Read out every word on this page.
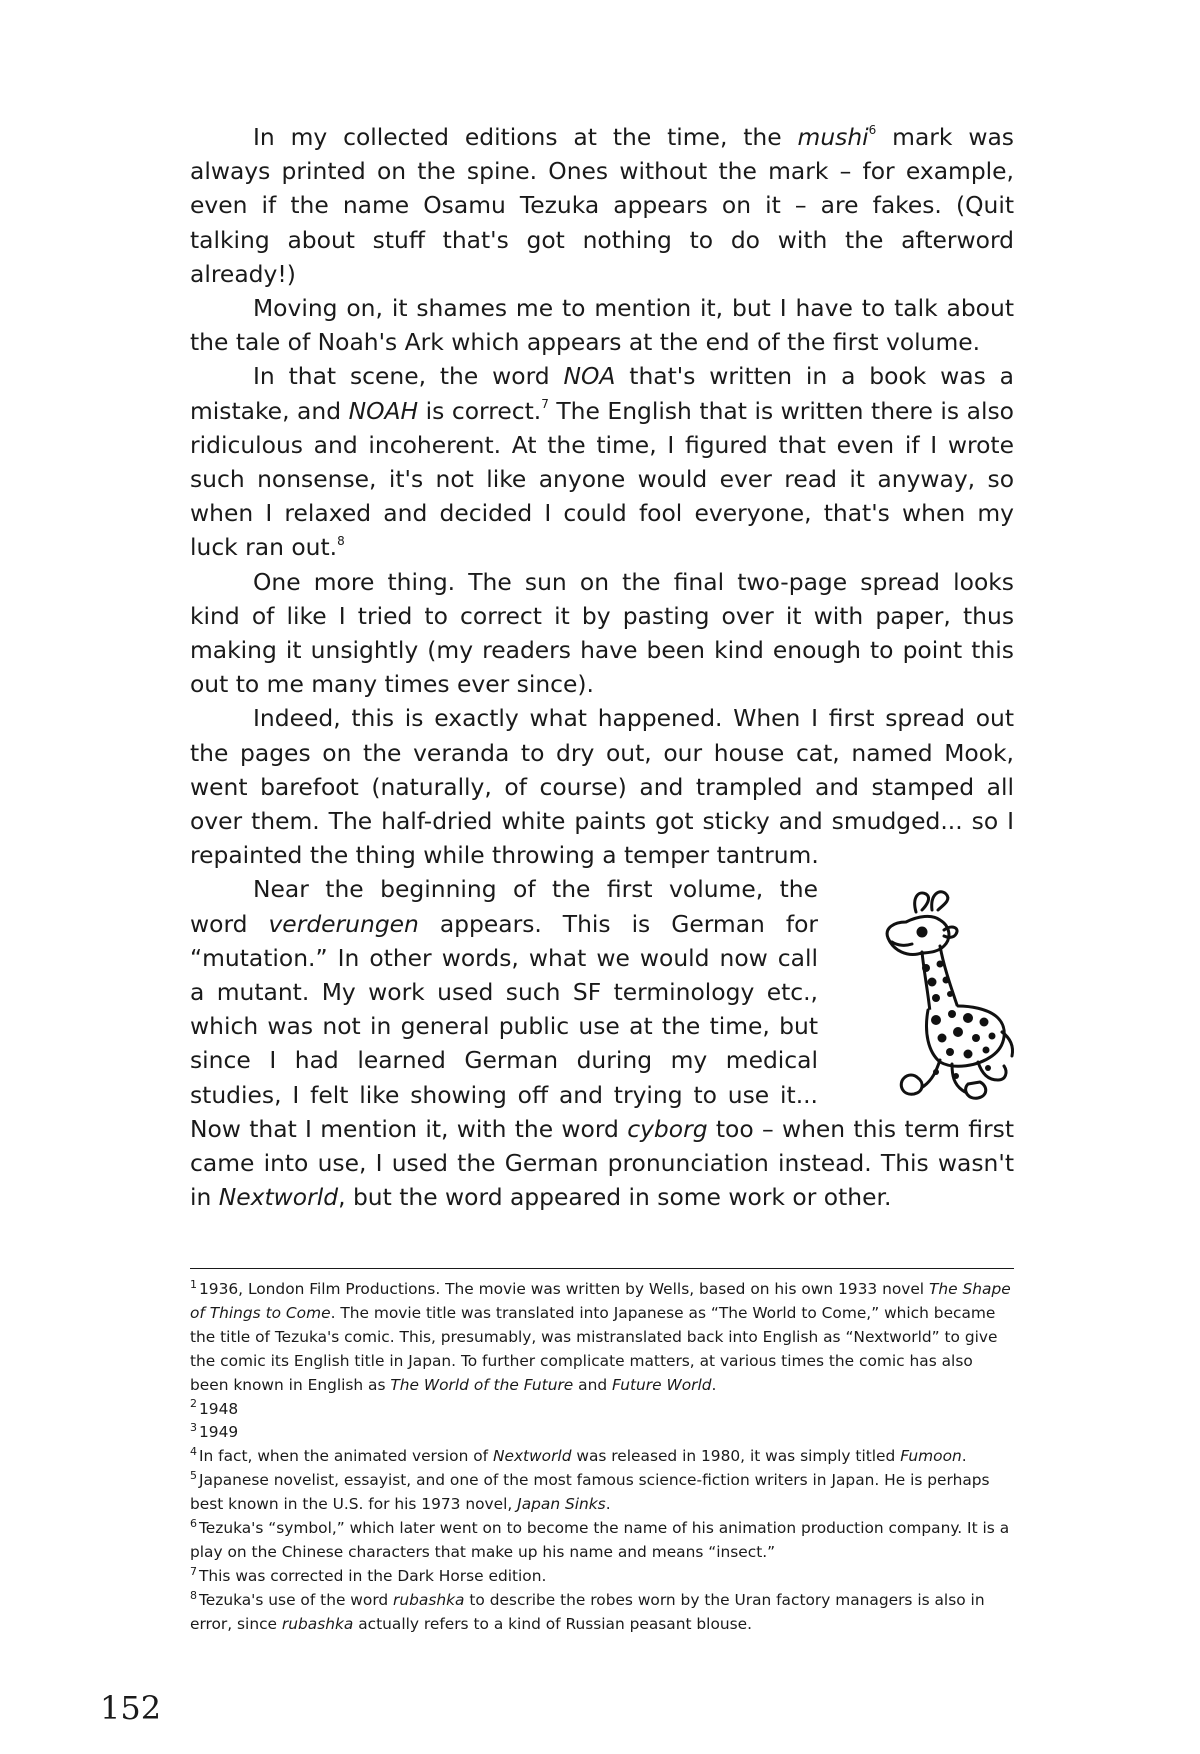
In my collected editions at the time, the mushi$^6$ mark was always printed on the spine. Ones without the mark – for example, even if the name Osamu Tezuka appears on it – are fakes. (Quit talking about stuff that's got nothing to do with the afterword already!)

Moving on, it shames me to mention it, but I have to talk about the tale of Noah's Ark which appears at the end of the first volume.

In that scene, the word NOA that's written in a book was a mistake, and NOAH is correct.$^7$ The English that is written there is also ridiculous and incoherent. At the time, I figured that even if I wrote such nonsense, it's not like anyone would ever read it anyway, so when I relaxed and decided I could fool everyone, that's when my luck ran out.$^8$

One more thing. The sun on the final two-page spread looks kind of like I tried to correct it by pasting over it with paper, thus making it unsightly (my readers have been kind enough to point this out to me many times ever since).

Indeed, this is exactly what happened. When I first spread out the pages on the veranda to dry out, our house cat, named Mook, went barefoot (naturally, of course) and trampled and stamped all over them. The half-dried white paints got sticky and smudged... so I repainted the thing while throwing a temper tantrum.

Near the beginning of the first volume, the word verderungen appears. This is German for “mutation.” In other words, what we would now call a mutant. My work used such SF terminology etc., which was not in general public use at the time, but since I had learned German during my medical studies, I felt like showing off and trying to use it... Now that I mention it, with the word cyborg too – when this term first came into use, I used the German pronunciation instead. This wasn't in Nextworld, but the word appeared in some work or other.

$^1$ 1936, London Film Productions. The movie was written by Wells, based on his own 1933 novel The Shape of Things to Come. The movie title was translated into Japanese as “The World to Come,” which became the title of Tezuka's comic. This, presumably, was mistranslated back into English as “Nextworld” to give the comic its English title in Japan. To further complicate matters, at various times the comic has also been known in English as The World of the Future and Future World.

$^2$ 1948

$^3$ 1949

$^4$ In fact, when the animated version of Nextworld was released in 1980, it was simply titled Fumoon.

$^5$ Japanese novelist, essayist, and one of the most famous science-fiction writers in Japan. He is perhaps best known in the U.S. for his 1973 novel, Japan Sinks.

$^6$ Tezuka's “symbol,” which later went on to become the name of his animation production company. It is a play on the Chinese characters that make up his name and means “insect.”

$^7$ This was corrected in the Dark Horse edition.

$^8$ Tezuka's use of the word rubashka to describe the robes worn by the Uran factory managers is also in error, since rubashka actually refers to a kind of Russian peasant blouse.

152
